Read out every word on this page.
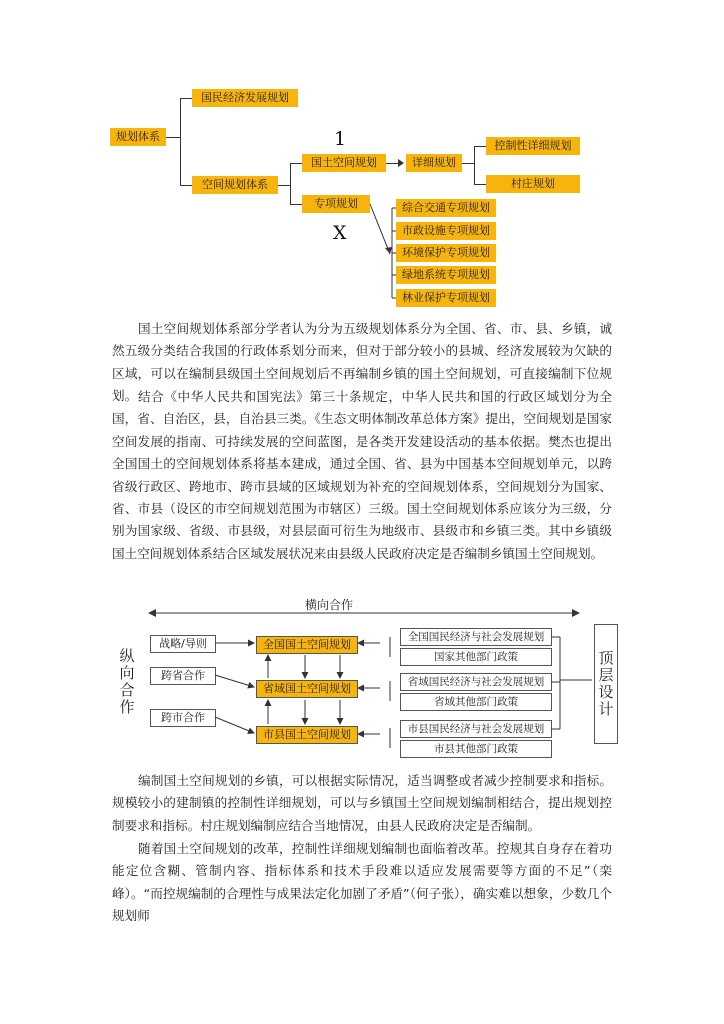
规划体系
国民经济发展规划
空间规划体系
国土空间规划
专项规划
1
X
详细规划
控制性详细规划
村庄规划
综合交通专项规划
市政设施专项规划
环境保护专项规划
绿地系统专项规划
林业保护专项规划

国土空间规划体系部分学者认为分为五级规划体系分为全国、省、市、县、乡镇，诚然五级分类结合我国的行政体系划分而来，但对于部分较小的县城、经济发展较为欠缺的区域，可以在编制县级国土空间规划后不再编制乡镇的国土空间规划，可直接编制下位规划。 结合《中华人民共和国宪法》第三十条规定，中华人民共和国的行政区域划分为全国，省、自治区，县，自治县三类。《生态文明体制改革总体方案》提出，空间规划是国家空间发展的指南、可持续发展的空间蓝图，是各类开发建设活动的基本依据。樊杰也提出全国国土的空间规划体系将基本建成，通过全国、省、县为中国基本空间规划单元，以跨省级行政区、跨地市、跨市县域的区域规划为补充的空间规划体系，空间规划分为国家、省、市县（设区的市空间规划范围为市辖区）三级。国土空间规划体系应该分为三级，分别为国家级、省级、市县级，对县层面可衍生为地级市、县级市和乡镇三类。其中乡镇级国土空间规划体系结合区域发展状况来由县级人民政府决定是否编制乡镇国土空间规划。

横向合作
纵向合作
战略/导则
跨省合作
跨市合作
全国国土空间规划
省域国土空间规划
市县国土空间规划
全国国民经济与社会发展规划
国家其他部门政策
省域国民经济与社会发展规划
省域其他部门政策
市县国民经济与社会发展规划
市县其他部门政策
顶层设计

编制国土空间规划的乡镇，可以根据实际情况，适当调整或者减少控制要求和指标。规模较小的建制镇的控制性详细规划，可以与乡镇国土空间规划编制相结合，提出规划控制要求和指标。村庄规划编制应结合当地情况，由县人民政府决定是否编制。

随着国土空间规划的改革，控制性详细规划编制也面临着改革。控规其自身存在着功能定位含糊、管制内容、指标体系和技术手段难以适应发展需要等方面的不足”（栾峰）。“而控规编制的合理性与成果法定化加剧了矛盾”（何子张），确实难以想象，少数几个规划师
